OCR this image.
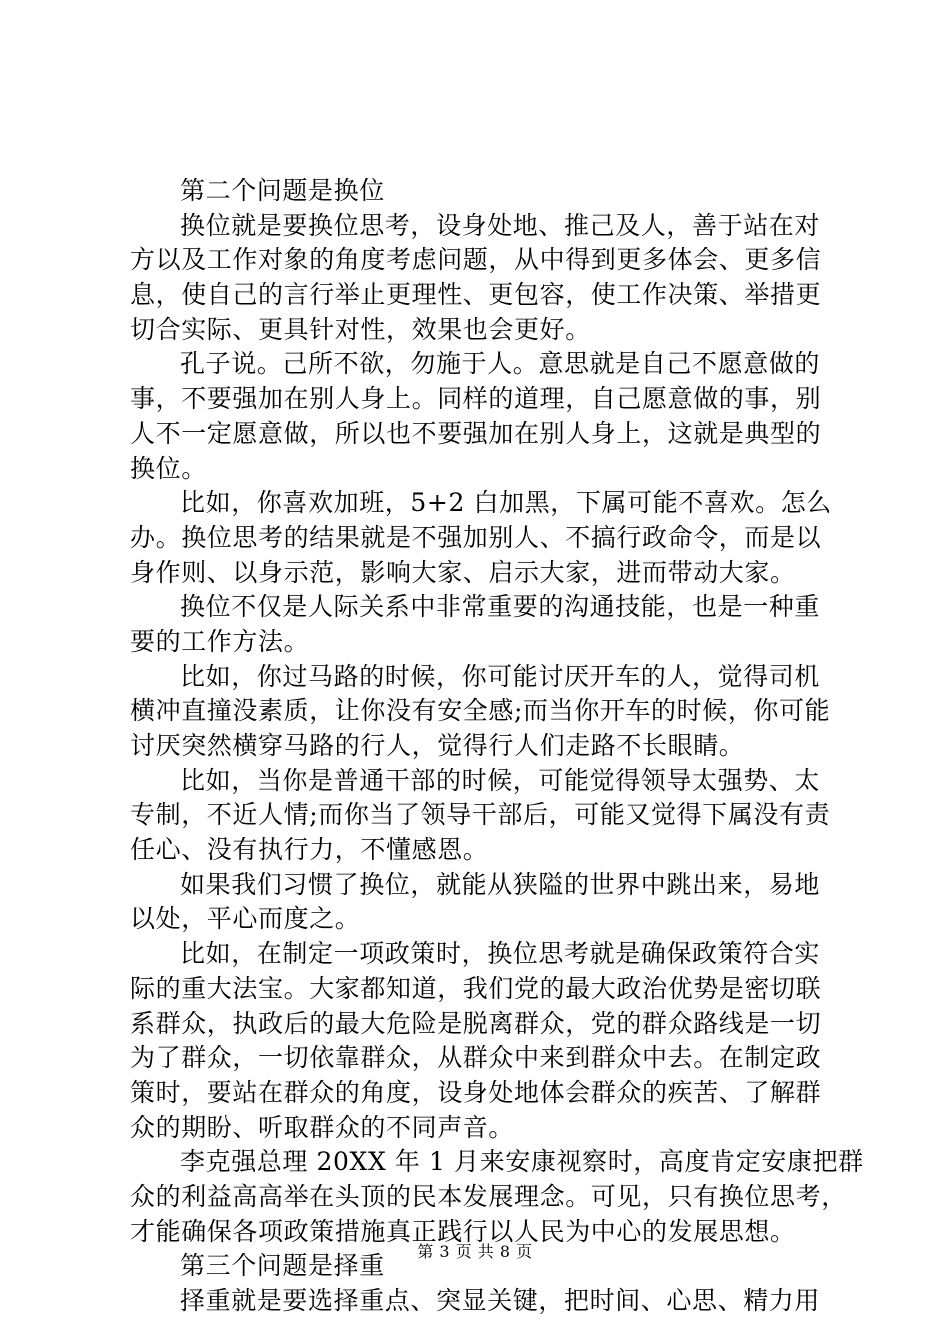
第二个问题是换位
换位就是要换位思考，设身处地、推己及人，善于站在对
方以及工作对象的角度考虑问题，从中得到更多体会、更多信
息，使自己的言行举止更理性、更包容，使工作决策、举措更
切合实际、更具针对性，效果也会更好。
孔子说。己所不欲，勿施于人。意思就是自己不愿意做的
事，不要强加在别人身上。同样的道理，自己愿意做的事，别
人不一定愿意做，所以也不要强加在别人身上，这就是典型的
换位。
比如，你喜欢加班，5+2 白加黑，下属可能不喜欢。怎么
办。换位思考的结果就是不强加别人、不搞行政命令，而是以
身作则、以身示范，影响大家、启示大家，进而带动大家。
换位不仅是人际关系中非常重要的沟通技能，也是一种重
要的工作方法。
比如，你过马路的时候，你可能讨厌开车的人，觉得司机
横冲直撞没素质，让你没有安全感;而当你开车的时候，你可能
讨厌突然横穿马路的行人，觉得行人们走路不长眼睛。
比如，当你是普通干部的时候，可能觉得领导太强势、太
专制，不近人情;而你当了领导干部后，可能又觉得下属没有责
任心、没有执行力，不懂感恩。
如果我们习惯了换位，就能从狭隘的世界中跳出来，易地
以处，平心而度之。
比如，在制定一项政策时，换位思考就是确保政策符合实
际的重大法宝。大家都知道，我们党的最大政治优势是密切联
系群众，执政后的最大危险是脱离群众，党的群众路线是一切
为了群众，一切依靠群众，从群众中来到群众中去。在制定政
策时，要站在群众的角度，设身处地体会群众的疾苦、了解群
众的期盼、听取群众的不同声音。
李克强总理 20XX 年 1 月来安康视察时，高度肯定安康把群
众的利益高高举在头顶的民本发展理念。可见，只有换位思考，
才能确保各项政策措施真正践行以人民为中心的发展思想。
第三个问题是择重
择重就是要选择重点、突显关键，把时间、心思、精力用
第 3 页 共 8 页
